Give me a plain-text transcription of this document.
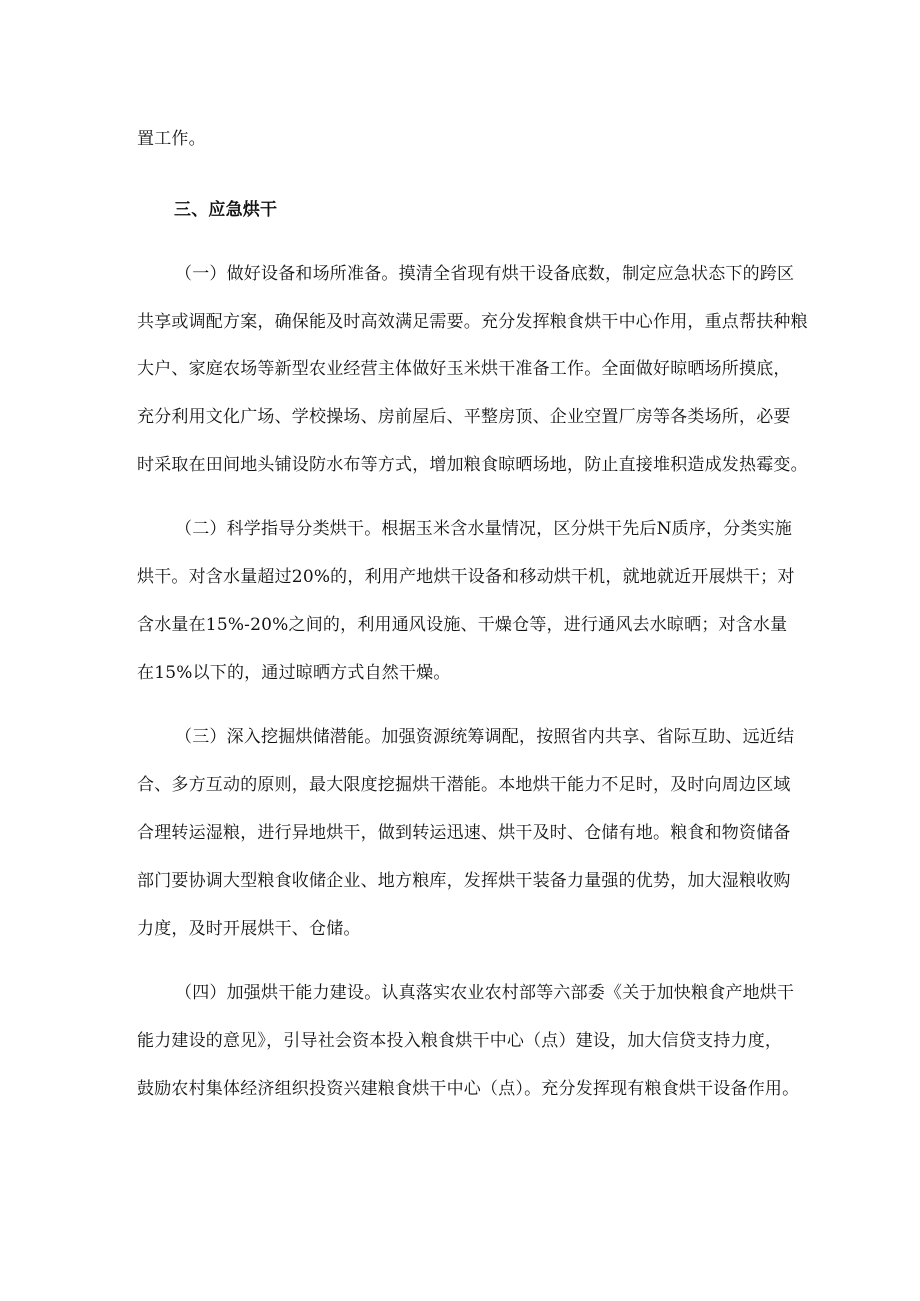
置工作。
三、应急烘干
（一）做好设备和场所准备。摸清全省现有烘干设备底数，制定应急状态下的跨区
共享或调配方案，确保能及时高效满足需要。充分发挥粮食烘干中心作用，重点帮扶种粮
大户、家庭农场等新型农业经营主体做好玉米烘干准备工作。全面做好晾晒场所摸底，
充分利用文化广场、学校操场、房前屋后、平整房顶、企业空置厂房等各类场所，必要
时采取在田间地头铺设防水布等方式，增加粮食晾晒场地，防止直接堆积造成发热霉变。
（二）科学指导分类烘干。根据玉米含水量情况，区分烘干先后N质序，分类实施
烘干。对含水量超过20%的，利用产地烘干设备和移动烘干机，就地就近开展烘干；对
含水量在15%-20%之间的，利用通风设施、干燥仓等，进行通风去水晾晒；对含水量
在15%以下的，通过晾晒方式自然干燥。
（三）深入挖掘烘储潜能。加强资源统筹调配，按照省内共享、省际互助、远近结
合、多方互动的原则，最大限度挖掘烘干潜能。本地烘干能力不足时，及时向周边区域
合理转运湿粮，进行异地烘干，做到转运迅速、烘干及时、仓储有地。粮食和物资储备
部门要协调大型粮食收储企业、地方粮库，发挥烘干装备力量强的优势，加大湿粮收购
力度，及时开展烘干、仓储。
（四）加强烘干能力建设。认真落实农业农村部等六部委《关于加快粮食产地烘干
能力建设的意见》，引导社会资本投入粮食烘干中心（点）建设，加大信贷支持力度，
鼓励农村集体经济组织投资兴建粮食烘干中心（点）。充分发挥现有粮食烘干设备作用。
